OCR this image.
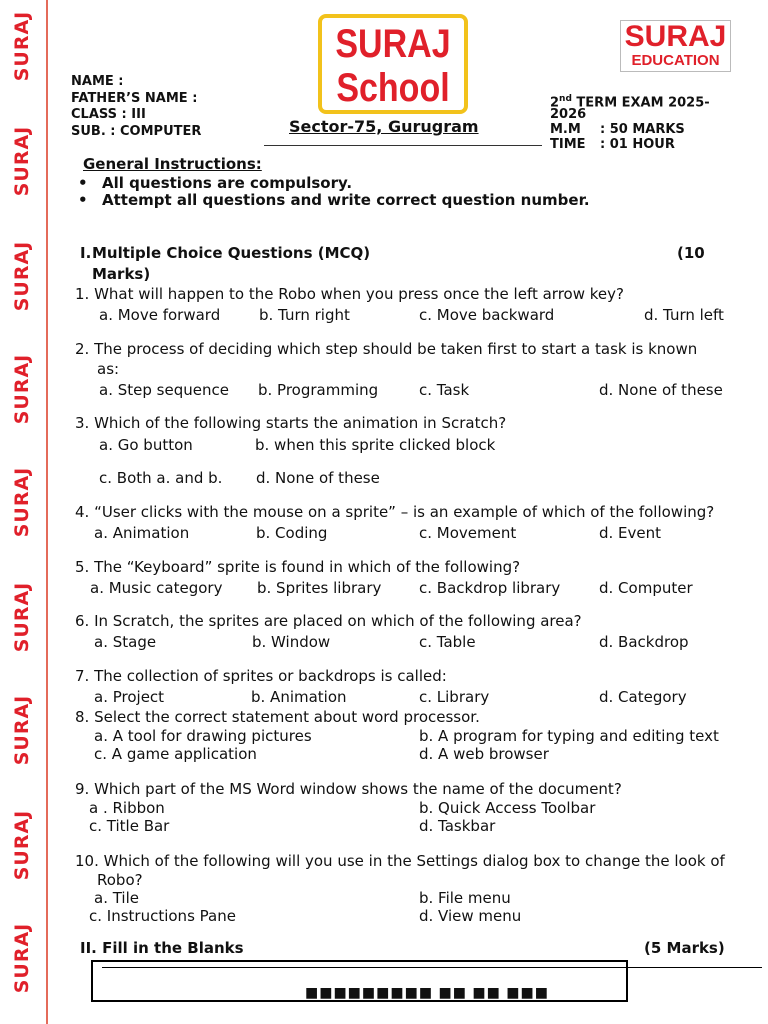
SURAJ
SURAJ
SURAJ
SURAJ
SURAJ
SURAJ
SURAJ
SURAJ
SURAJ
SURAJ
School
SURAJ
EDUCATION
NAME :
FATHER’S NAME :
CLASS : III
SUB. : COMPUTER	Sector-75, Gurugram
2nd TERM EXAM 2025-
2026
M.M : 50 MARKS
TIME : 01 HOUR
General Instructions:
• All questions are compulsory.
• Attempt all questions and write correct question number.
I. Multiple Choice Questions (MCQ)	(10
Marks)
1. What will happen to the Robo when you press once the left arrow key?
a. Move forward	b. Turn right	c. Move backward	d. Turn left
2. The process of deciding which step should be taken first to start a task is known
as:
a. Step sequence b. Programming	c. Task	d. None of these
3. Which of the following starts the animation in Scratch?
a. Go button	b. when this sprite clicked block
c. Both a. and b. d. None of these
4. “User clicks with the mouse on a sprite” – is an example of which of the following?
a. Animation	b. Coding	c. Movement	d. Event
5. The “Keyboard” sprite is found in which of the following?
a. Music category b. Sprites library	c. Backdrop library	d. Computer
6. In Scratch, the sprites are placed on which of the following area?
a. Stage	b. Window	c. Table	d. Backdrop
7. The collection of sprites or backdrops is called:
a. Project	b. Animation	c. Library	d. Category
8. Select the correct statement about word processor.
a. A tool for drawing pictures	b. A program for typing and editing text
c. A game application	d. A web browser
9. Which part of the MS Word window shows the name of the document?
a . Ribbon	b. Quick Access Toolbar
c. Title Bar	d. Taskbar
10. Which of the following will you use in the Settings dialog box to change the look of
Robo?
a. Tile	b. File menu
c. Instructions Pane	d. View menu
II. Fill in the Blanks	(5 Marks)
■■■■■■■■■ ■■ ■■ ■■■
